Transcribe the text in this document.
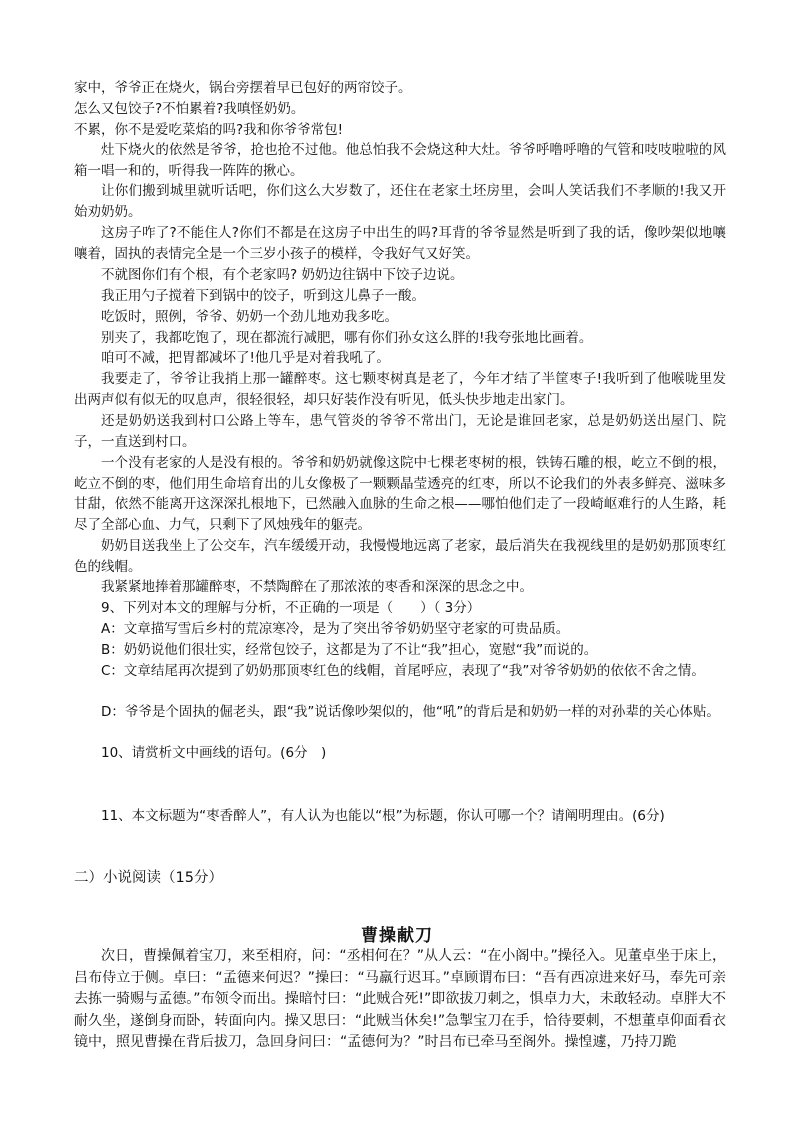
家中，爷爷正在烧火，锅台旁摆着早已包好的两帘饺子。

怎么又包饺子?不怕累着?我嗔怪奶奶。

不累，你不是爱吃菜焰的吗?我和你爷爷常包!

灶下烧火的依然是爷爷，抢也抢不过他。他总怕我不会烧这种大灶。爷爷呼噜呼噜的气管和吱吱啦啦的风箱一唱一和的，听得我一阵阵的揪心。

让你们搬到城里就听话吧，你们这么大岁数了，还住在老家土坯房里，会叫人笑话我们不孝顺的!我又开始劝奶奶。

这房子咋了?不能住人?你们不都是在这房子中出生的吗?耳背的爷爷显然是听到了我的话，像吵架似地嚷嚷着，固执的表情完全是一个三岁小孩子的模样，令我好气又好笑。

不就图你们有个根，有个老家吗? 奶奶边往锅中下饺子边说。

我正用勺子搅着下到锅中的饺子，听到这儿鼻子一酸。

吃饭时，照例，爷爷、奶奶一个劲儿地劝我多吃。

别夹了，我都吃饱了，现在都流行减肥，哪有你们孙女这么胖的!我夸张地比画着。

咱可不减，把胃都减坏了!他几乎是对着我吼了。

我要走了，爷爷让我捎上那一罐醉枣。这七颗枣树真是老了，今年才结了半筐枣子!我听到了他喉咙里发出两声似有似无的叹息声，很轻很轻，却只好装作没有听见，低头快步地走出家门。

还是奶奶送我到村口公路上等车，患气管炎的爷爷不常出门，无论是谁回老家，总是奶奶送出屋门、院子，一直送到村口。

一个没有老家的人是没有根的。爷爷和奶奶就像这院中七棵老枣树的根，铁铸石雕的根，屹立不倒的根，屹立不倒的枣，他们用生命培育出的儿女像极了一颗颗晶莹透亮的红枣，所以不论我们的外表多鲜亮、滋味多甘甜，依然不能离开这深深扎根地下，已然融入血脉的生命之根——哪怕他们走了一段崎岖难行的人生路，耗尽了全部心血、力气，只剩下了风烛残年的躯壳。

奶奶目送我坐上了公交车，汽车缓缓开动，我慢慢地远离了老家，最后消失在我视线里的是奶奶那顶枣红色的线帽。

我紧紧地捧着那罐醉枣，不禁陶醉在了那浓浓的枣香和深深的思念之中。

9、下列对本文的理解与分析，不正确的一项是（　　）（ 3分）

A：文章描写雪后乡村的荒凉寒冷，是为了突出爷爷奶奶坚守老家的可贵品质。

B：奶奶说他们很壮实，经常包饺子，这都是为了不让“我”担心，宽慰“我”而说的。

C：文章结尾再次提到了奶奶那顶枣红色的线帽，首尾呼应，表现了“我”对爷爷奶奶的依依不舍之情。

D：爷爷是个固执的倔老头，跟“我”说话像吵架似的，他“吼”的背后是和奶奶一样的对孙辈的关心体贴。

10、请赏析文中画线的语句。(6分　)

11、本文标题为“枣香醉人”，有人认为也能以“根”为标题，你认可哪一个？请阐明理由。(6分)

二）小说阅读（15分）
曹操献刀

次日，曹操佩着宝刀，来至相府，问：“丞相何在？”从人云：“在小阁中。”操径入。见董卓坐于床上，吕布侍立于侧。卓曰：“孟德来何迟？”操曰：“马羸行迟耳。”卓顾谓布曰：“吾有西凉进来好马，奉先可亲去拣一骑赐与孟德。”布领令而出。操暗忖曰：“此贼合死!”即欲拔刀刺之，惧卓力大，未敢轻动。卓胖大不耐久坐，遂倒身而卧，转面向内。操又思曰：“此贼当休矣!”急掣宝刀在手，恰待要刺，不想董卓仰面看衣镜中，照见曹操在背后拔刀，急回身问曰：“孟德何为？”时吕布已牵马至阁外。操惶遽，乃持刀跪
